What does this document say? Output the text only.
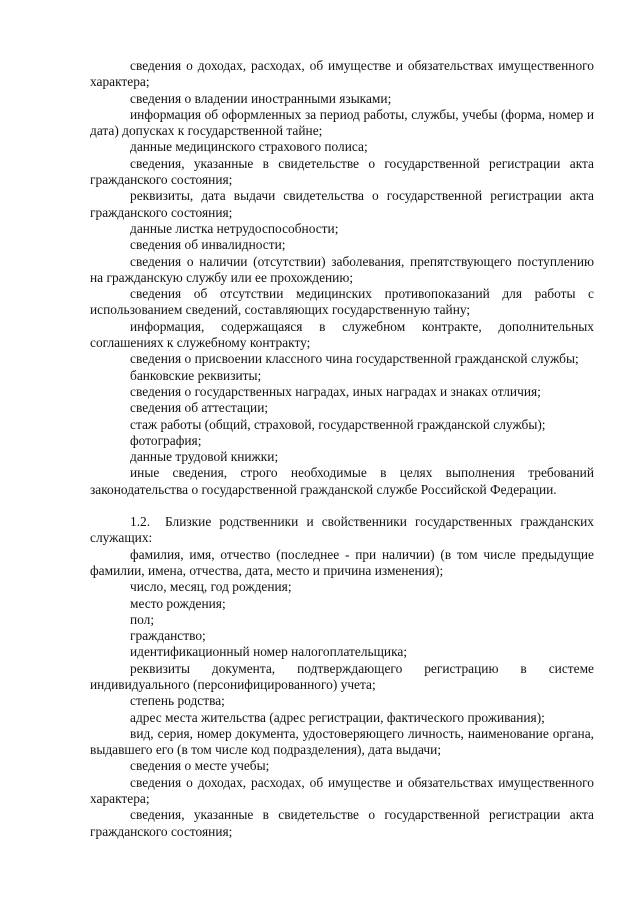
сведения о доходах, расходах, об имуществе и обязательствах имущественного характера;

сведения о владении иностранными языками;

информация об оформленных за период работы, службы, учебы (форма, номер и дата) допусках к государственной тайне;

данные медицинского страхового полиса;

сведения, указанные в свидетельстве о государственной регистрации акта гражданского состояния;

реквизиты, дата выдачи свидетельства о государственной регистрации акта гражданского состояния;

данные листка нетрудоспособности;

сведения об инвалидности;

сведения о наличии (отсутствии) заболевания, препятствующего поступлению на гражданскую службу или ее прохождению;

сведения об отсутствии медицинских противопоказаний для работы с использованием сведений, составляющих государственную тайну;

информация, содержащаяся в служебном контракте, дополнительных соглашениях к служебному контракту;

сведения о присвоении классного чина государственной гражданской службы;

банковские реквизиты;

сведения о государственных наградах, иных наградах и знаках отличия;

сведения об аттестации;

стаж работы (общий, страховой, государственной гражданской службы);

фотография;

данные трудовой книжки;

иные сведения, строго необходимые в целях выполнения требований законодательства о государственной гражданской службе Российской Федерации.

1.2. Близкие родственники и свойственники государственных гражданских служащих:

фамилия, имя, отчество (последнее - при наличии) (в том числе предыдущие фамилии, имена, отчества, дата, место и причина изменения);

число, месяц, год рождения;

место рождения;

пол;

гражданство;

идентификационный номер налогоплательщика;

реквизиты документа, подтверждающего регистрацию в системе индивидуального (персонифицированного) учета;

степень родства;

адрес места жительства (адрес регистрации, фактического проживания);

вид, серия, номер документа, удостоверяющего личность, наименование органа, выдавшего его (в том числе код подразделения), дата выдачи;

сведения о месте учебы;

сведения о доходах, расходах, об имуществе и обязательствах имущественного характера;

сведения, указанные в свидетельстве о государственной регистрации акта гражданского состояния;
